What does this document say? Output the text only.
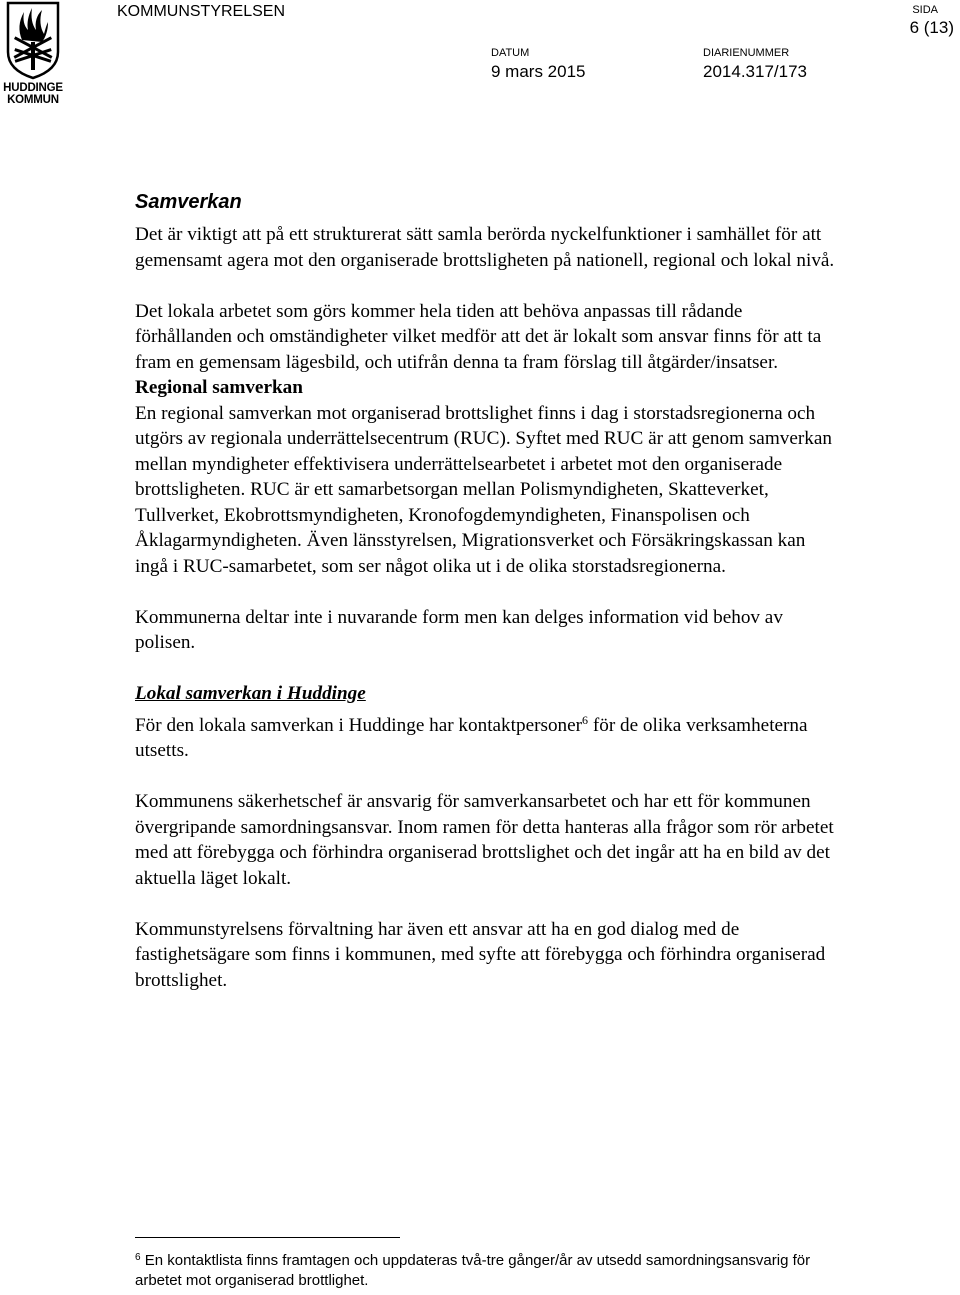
HUDDINGE
KOMMUN
KOMMUNSTYRELSEN	SIDA
6 (13)
DATUM
9 mars 2015
DIARIENUMMER
2014.317/173
Samverkan

Det är viktigt att på ett strukturerat sätt samla berörda nyckelfunktioner i samhället för att gemensamt agera mot den organiserade brottsligheten på nationell, regional och lokal nivå.

Det lokala arbetet som görs kommer hela tiden att behöva anpassas till rådande förhållanden och omständigheter vilket medför att det är lokalt som ansvar finns för att ta fram en gemensam lägesbild, och utifrån denna ta fram förslag till åtgärder/insatser.

Regional samverkan

En regional samverkan mot organiserad brottslighet finns i dag i storstadsregionerna och utgörs av regionala underrättelsecentrum (RUC). Syftet med RUC är att genom samverkan mellan myndigheter effektivisera underrättelsearbetet i arbetet mot den organiserade brottsligheten. RUC är ett samarbetsorgan mellan Polismyndigheten, Skatteverket, Tullverket, Ekobrottsmyndigheten, Kronofogdemyndigheten, Finanspolisen och Åklagarmyndigheten. Även länsstyrelsen, Migrationsverket och Försäkringskassan kan ingå i RUC-samarbetet, som ser något olika ut i de olika storstadsregionerna.

Kommunerna deltar inte i nuvarande form men kan delges information vid behov av polisen.

Lokal samverkan i Huddinge

För den lokala samverkan i Huddinge har kontaktpersoner$^6$ för de olika verksamheterna utsetts.

Kommunens säkerhetschef är ansvarig för samverkansarbetet och har ett för kommunen övergripande samordningsansvar. Inom ramen för detta hanteras alla frågor som rör arbetet med att förebygga och förhindra organiserad brottslighet och det ingår att ha en bild av det aktuella läget lokalt.

Kommunstyrelsens förvaltning har även ett ansvar att ha en god dialog med de fastighetsägare som finns i kommunen, med syfte att förebygga och förhindra organiserad brottslighet.

$^6$ En kontaktlista finns framtagen och uppdateras två-tre gånger/år av utsedd samordningsansvarig för arbetet mot organiserad brottlighet.
